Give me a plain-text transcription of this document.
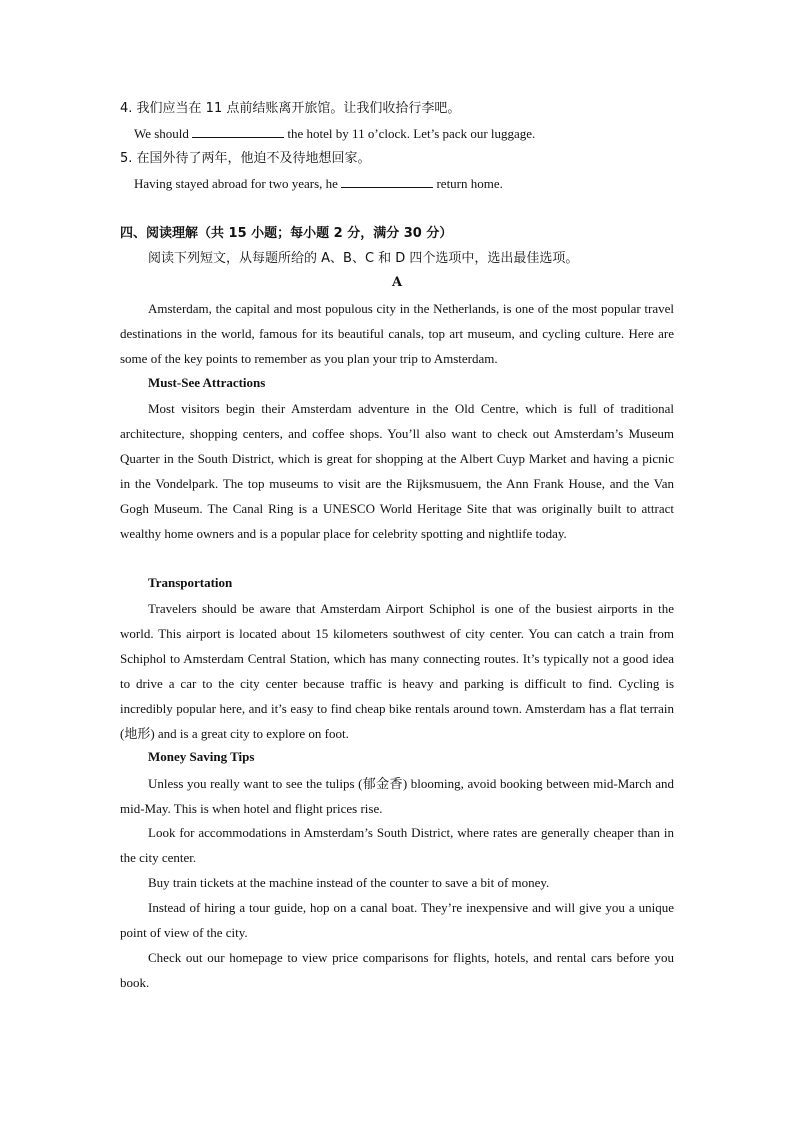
4. 我们应当在 11 点前结账离开旅馆。让我们收拾行李吧。
We should	the hotel by 11 o’clock. Let’s pack our luggage.
5. 在国外待了两年，他迫不及待地想回家。
Having stayed abroad for two years, he	return home.
四、阅读理解（共 15 小题；每小题 2 分，满分 30 分）
阅读下列短文，从每题所给的 A、B、C 和 D 四个选项中，选出最佳选项。
A
Amsterdam, the capital and most populous city in the Netherlands, is one of the most popular travel destinations in the world, famous for its beautiful canals, top art museum, and cycling culture. Here are some of the key points to remember as you plan your trip to Amsterdam.
Must-See Attractions
Most visitors begin their Amsterdam adventure in the Old Centre, which is full of traditional architecture, shopping centers, and coffee shops. You’ll also want to check out Amsterdam’s Museum Quarter in the South District, which is great for shopping at the Albert Cuyp Market and having a picnic in the Vondelpark. The top museums to visit are the Rijksmusuem, the Ann Frank House, and the Van Gogh Museum. The Canal Ring is a UNESCO World Heritage Site that was originally built to attract wealthy home owners and is a popular place for celebrity spotting and nightlife today.
Transportation
Travelers should be aware that Amsterdam Airport Schiphol is one of the busiest airports in the world. This airport is located about 15 kilometers southwest of city center. You can catch a train from Schiphol to Amsterdam Central Station, which has many connecting routes. It’s typically not a good idea to drive a car to the city center because traffic is heavy and parking is difficult to find. Cycling is incredibly popular here, and it’s easy to find cheap bike rentals around town. Amsterdam has a flat terrain (地形) and is a great city to explore on foot.
Money Saving Tips
Unless you really want to see the tulips (郁金香) blooming, avoid booking between mid-March and mid-May. This is when hotel and flight prices rise.
Look for accommodations in Amsterdam’s South District, where rates are generally cheaper than in the city center.
Buy train tickets at the machine instead of the counter to save a bit of money.
Instead of hiring a tour guide, hop on a canal boat. They’re inexpensive and will give you a unique point of view of the city.
Check out our homepage to view price comparisons for flights, hotels, and rental cars before you book.
